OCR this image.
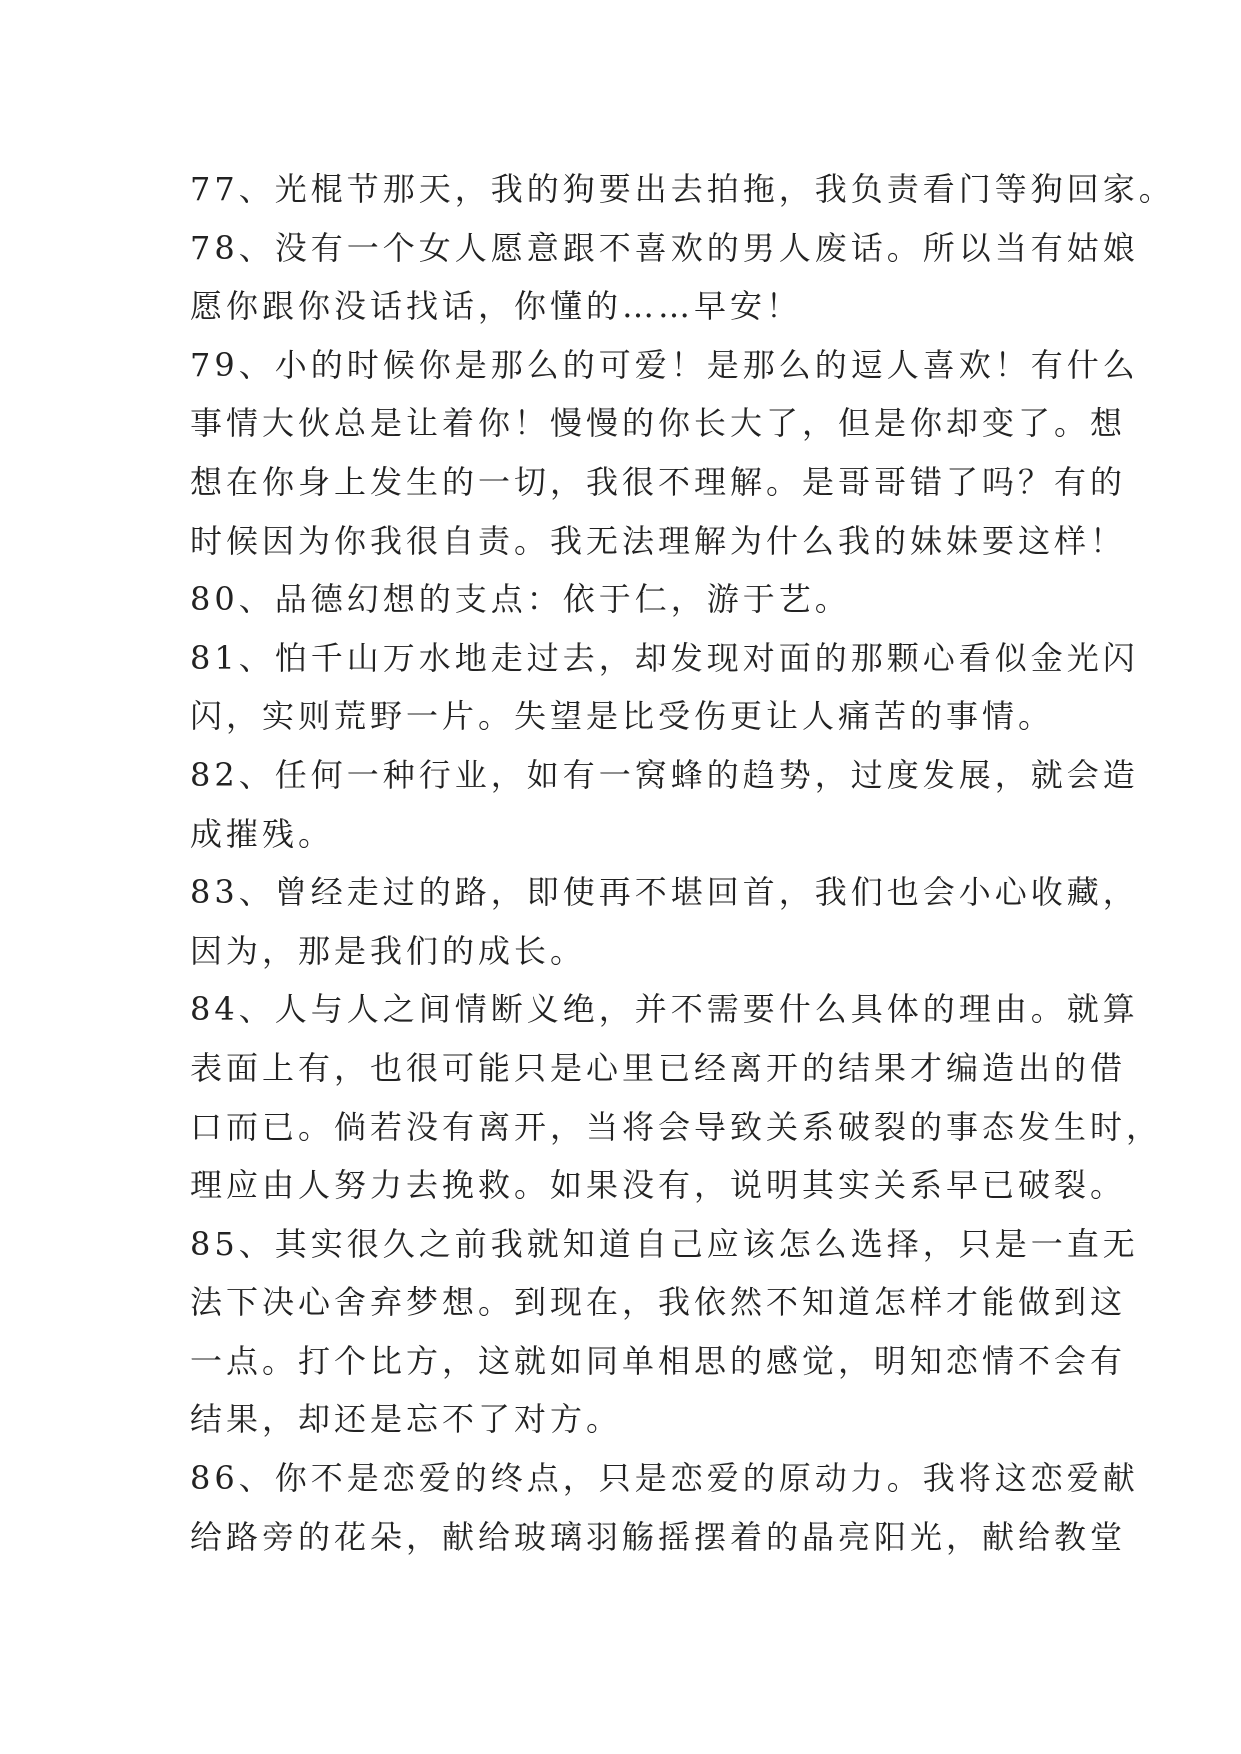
77、光棍节那天，我的狗要出去拍拖，我负责看门等狗回家。
78、没有一个女人愿意跟不喜欢的男人废话。所以当有姑娘
愿你跟你没话找话，你懂的……早安！
79、小的时候你是那么的可爱！是那么的逗人喜欢！有什么
事情大伙总是让着你！慢慢的你长大了，但是你却变了。想
想在你身上发生的一切，我很不理解。是哥哥错了吗？有的
时候因为你我很自责。我无法理解为什么我的妹妹要这样！
80、品德幻想的支点：依于仁，游于艺。
81、怕千山万水地走过去，却发现对面的那颗心看似金光闪
闪，实则荒野一片。失望是比受伤更让人痛苦的事情。
82、任何一种行业，如有一窝蜂的趋势，过度发展，就会造
成摧残。
83、曾经走过的路，即使再不堪回首，我们也会小心收藏，
因为，那是我们的成长。
84、人与人之间情断义绝，并不需要什么具体的理由。就算
表面上有，也很可能只是心里已经离开的结果才编造出的借
口而已。倘若没有离开，当将会导致关系破裂的事态发生时，
理应由人努力去挽救。如果没有，说明其实关系早已破裂。
85、其实很久之前我就知道自己应该怎么选择，只是一直无
法下决心舍弃梦想。到现在，我依然不知道怎样才能做到这
一点。打个比方，这就如同单相思的感觉，明知恋情不会有
结果，却还是忘不了对方。
86、你不是恋爱的终点，只是恋爱的原动力。我将这恋爱献
给路旁的花朵，献给玻璃羽觞摇摆着的晶亮阳光，献给教堂
